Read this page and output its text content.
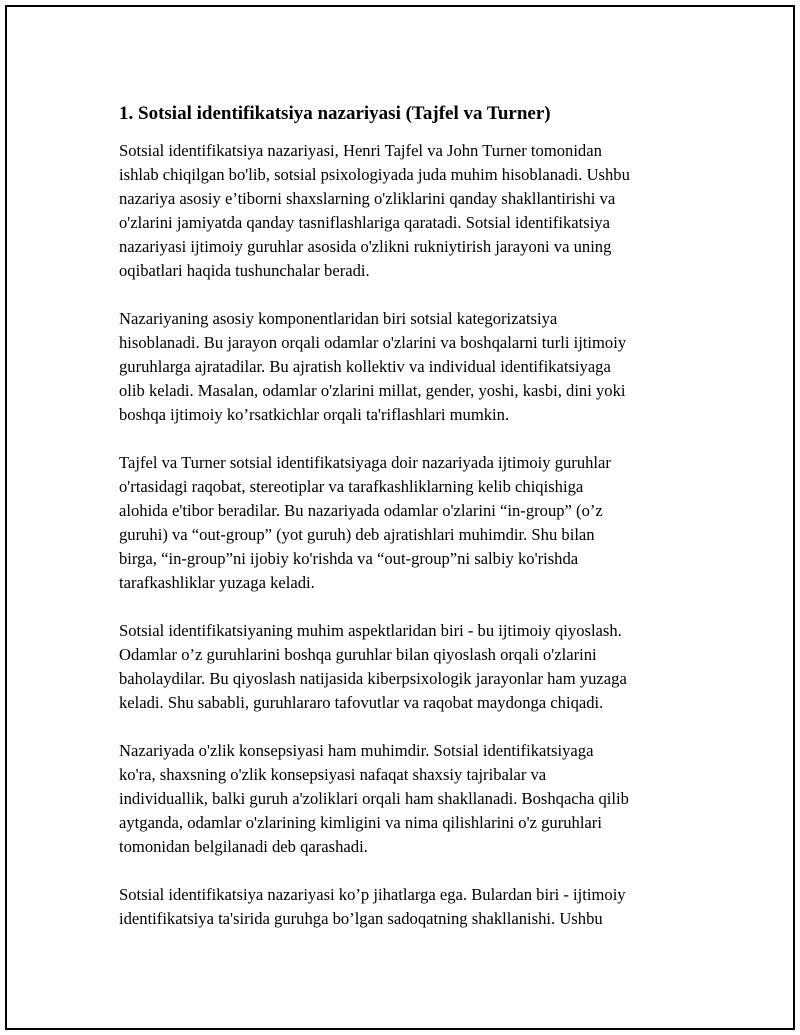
1. Sotsial identifikatsiya nazariyasi (Tajfel va Turner)
Sotsial identifikatsiya nazariyasi, Henri Tajfel va John Turner tomonidan
ishlab chiqilgan bo'lib, sotsial psixologiyada juda muhim hisoblanadi. Ushbu
nazariya asosiy e’tiborni shaxslarning o'zliklarini qanday shakllantirishi va
o'zlarini jamiyatda qanday tasniflashlariga qaratadi. Sotsial identifikatsiya
nazariyasi ijtimoiy guruhlar asosida o'zlikni rukniytirish jarayoni va uning
oqibatlari haqida tushunchalar beradi.
Nazariyaning asosiy komponentlaridan biri sotsial kategorizatsiya
hisoblanadi. Bu jarayon orqali odamlar o'zlarini va boshqalarni turli ijtimoiy
guruhlarga ajratadilar. Bu ajratish kollektiv va individual identifikatsiyaga
olib keladi. Masalan, odamlar o'zlarini millat, gender, yoshi, kasbi, dini yoki
boshqa ijtimoiy ko’rsatkichlar orqali ta'riflashlari mumkin.
Tajfel va Turner sotsial identifikatsiyaga doir nazariyada ijtimoiy guruhlar
o'rtasidagi raqobat, stereotiplar va tarafkashliklarning kelib chiqishiga
alohida e'tibor beradilar. Bu nazariyada odamlar o'zlarini “in-group” (o’z
guruhi) va “out-group” (yot guruh) deb ajratishlari muhimdir. Shu bilan
birga, “in-group”ni ijobiy ko'rishda va “out-group”ni salbiy ko'rishda
tarafkashliklar yuzaga keladi.
Sotsial identifikatsiyaning muhim aspektlaridan biri - bu ijtimoiy qiyoslash.
Odamlar o’z guruhlarini boshqa guruhlar bilan qiyoslash orqali o'zlarini
baholaydilar. Bu qiyoslash natijasida kiberpsixologik jarayonlar ham yuzaga
keladi. Shu sababli, guruhlararo tafovutlar va raqobat maydonga chiqadi.
Nazariyada o'zlik konsepsiyasi ham muhimdir. Sotsial identifikatsiyaga
ko'ra, shaxsning o'zlik konsepsiyasi nafaqat shaxsiy tajribalar va
individuallik, balki guruh a'zoliklari orqali ham shakllanadi. Boshqacha qilib
aytganda, odamlar o'zlarining kimligini va nima qilishlarini o'z guruhlari
tomonidan belgilanadi deb qarashadi.
Sotsial identifikatsiya nazariyasi ko’p jihatlarga ega. Bulardan biri - ijtimoiy
identifikatsiya ta'sirida guruhga bo’lgan sadoqatning shakllanishi. Ushbu
